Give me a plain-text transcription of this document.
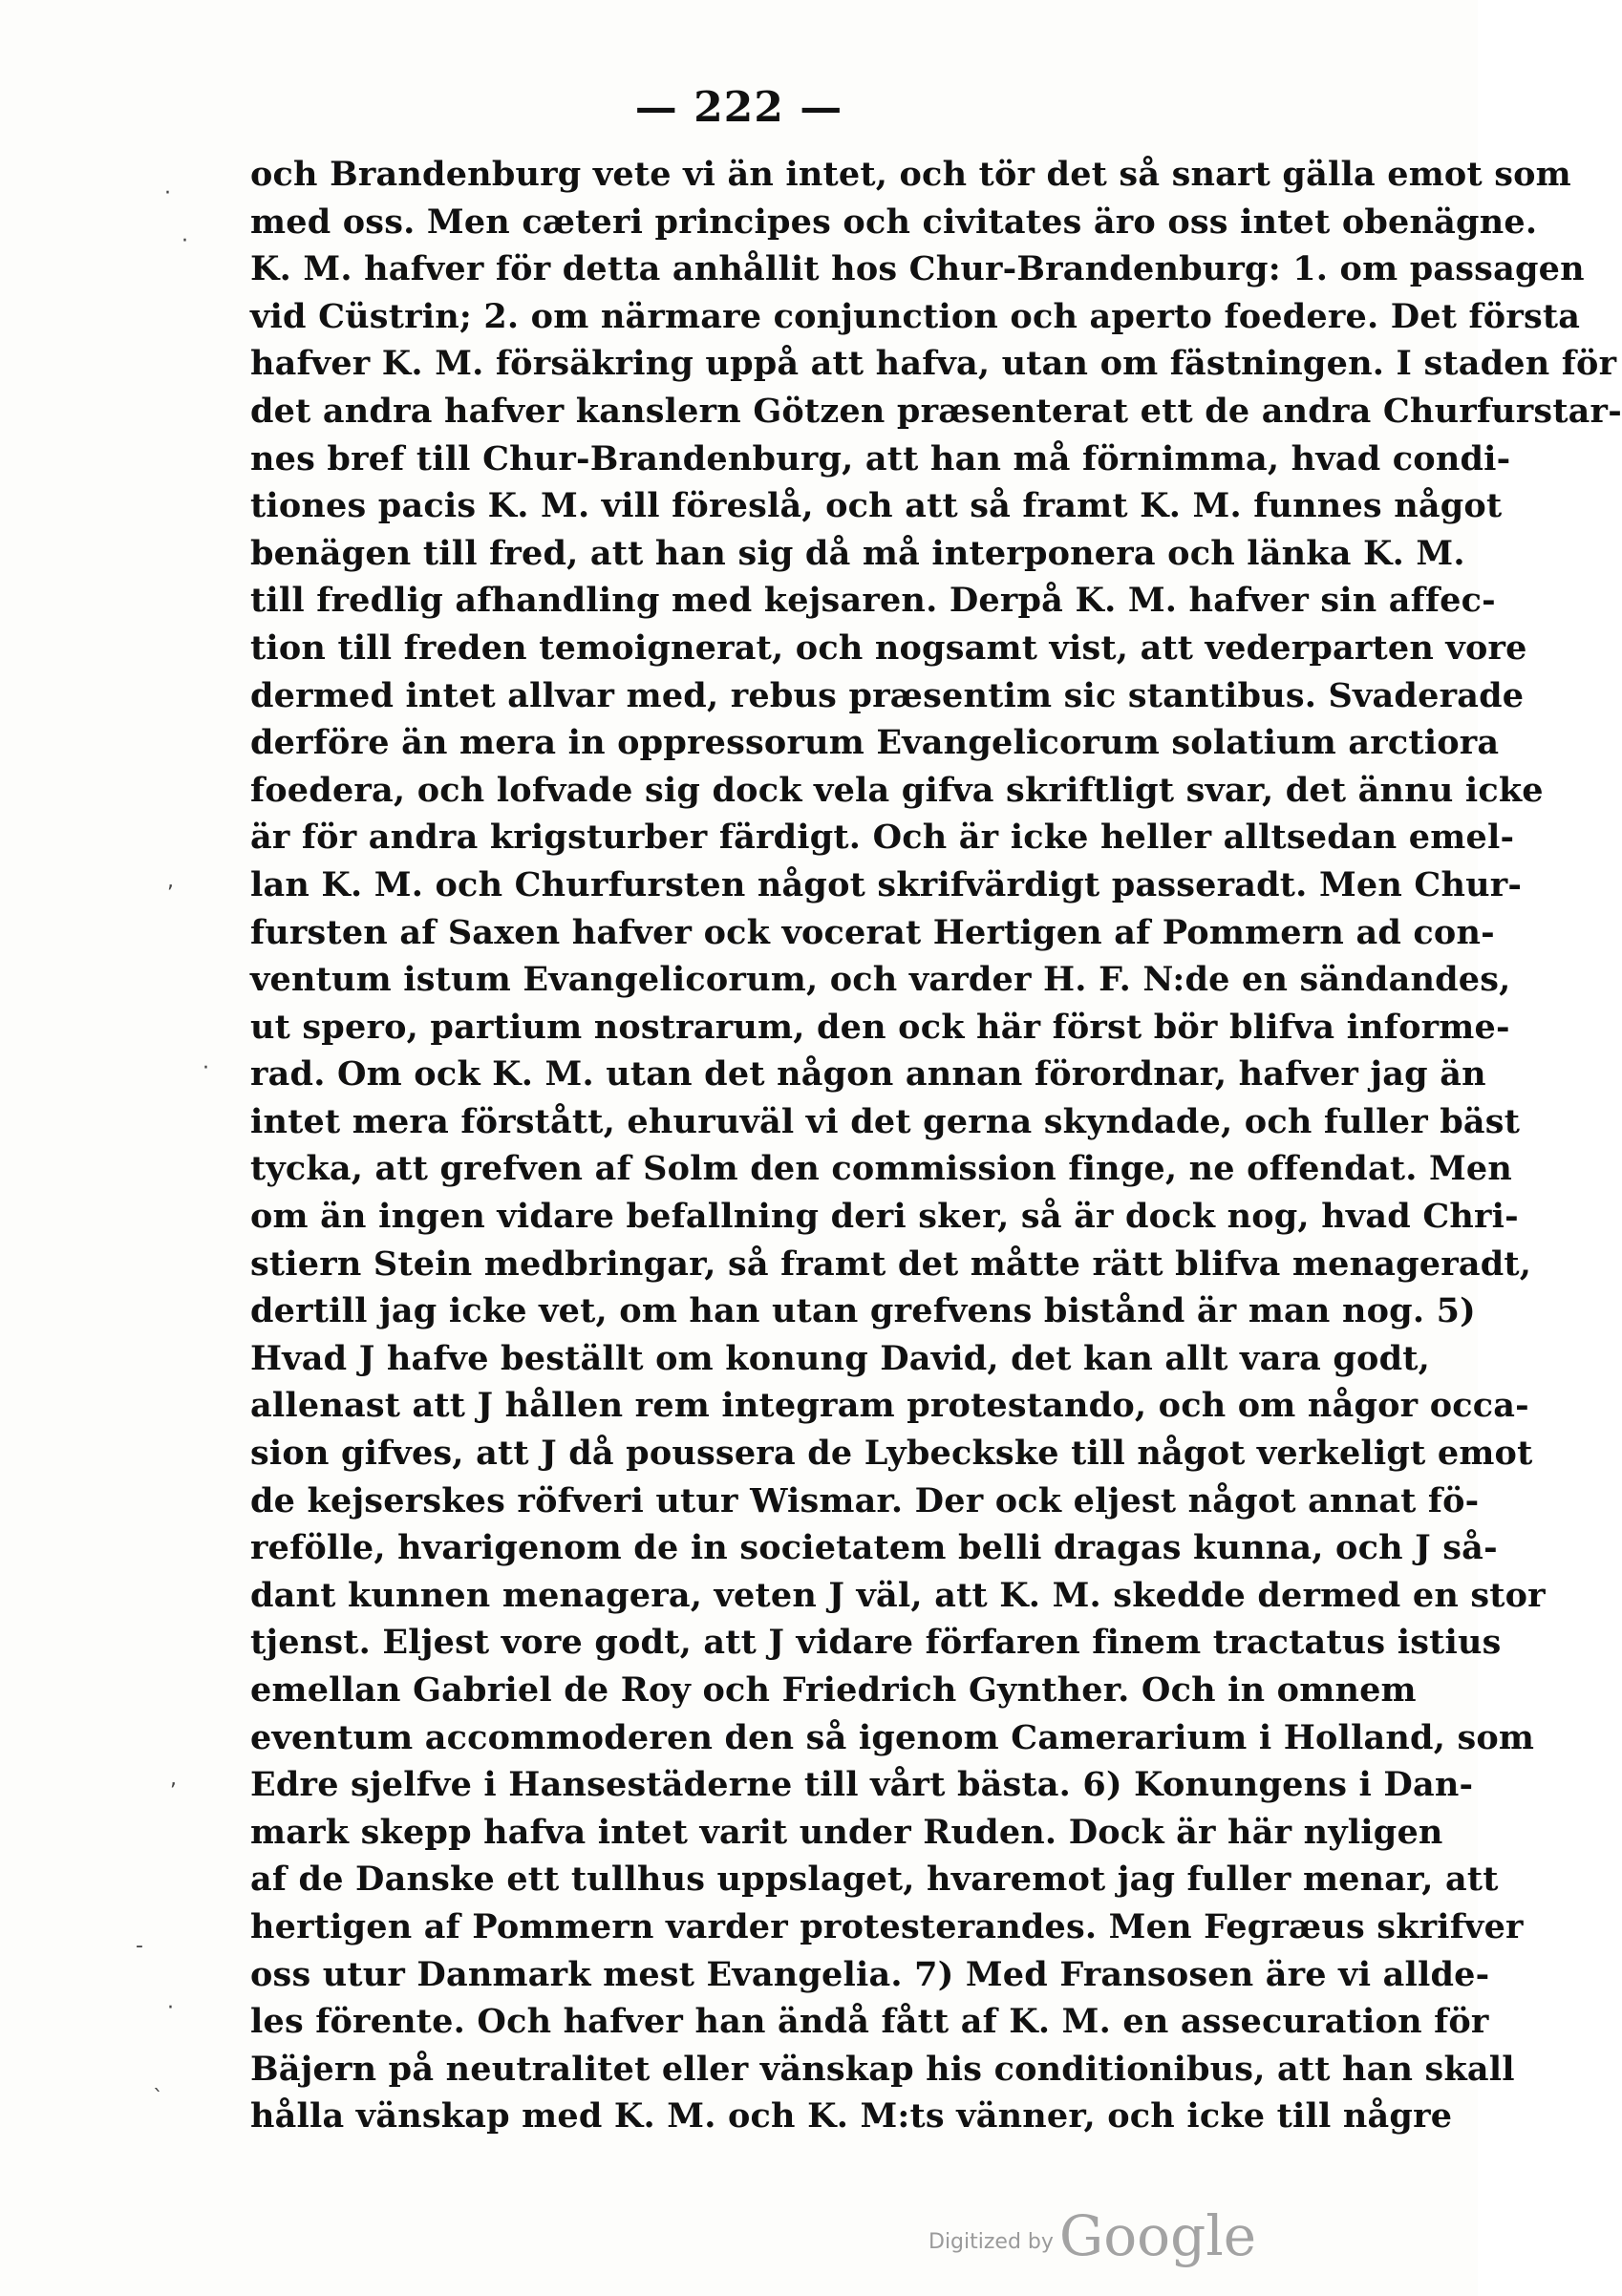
— 222 —
och Brandenburg vete vi än intet, och tör det så snart gälla emot som
med oss. Men cæteri principes och civitates äro oss intet obenägne.
K. M. hafver för detta anhållit hos Chur-Brandenburg: 1. om passagen
vid Cüstrin; 2. om närmare conjunction och aperto foedere. Det första
hafver K. M. försäkring uppå att hafva, utan om fästningen. I staden för
det andra hafver kanslern Götzen præsenterat ett de andra Churfurstar-
nes bref till Chur-Brandenburg, att han må förnimma, hvad condi-
tiones pacis K. M. vill föreslå, och att så framt K. M. funnes något
benägen till fred, att han sig då må interponera och länka K. M.
till fredlig afhandling med kejsaren. Derpå K. M. hafver sin affec-
tion till freden temoignerat, och nogsamt vist, att vederparten vore
dermed intet allvar med, rebus præsentim sic stantibus. Svaderade
derföre än mera in oppressorum Evangelicorum solatium arctiora
foedera, och lofvade sig dock vela gifva skriftligt svar, det ännu icke
är för andra krigsturber färdigt. Och är icke heller alltsedan emel-
lan K. M. och Churfursten något skrifvärdigt passeradt. Men Chur-
fursten af Saxen hafver ock vocerat Hertigen af Pommern ad con-
ventum istum Evangelicorum, och varder H. F. N:de en sändandes,
ut spero, partium nostrarum, den ock här först bör blifva informe-
rad. Om ock K. M. utan det någon annan förordnar, hafver jag än
intet mera förstått, ehuruväl vi det gerna skyndade, och fuller bäst
tycka, att grefven af Solm den commission finge, ne offendat. Men
om än ingen vidare befallning deri sker, så är dock nog, hvad Chri-
stiern Stein medbringar, så framt det måtte rätt blifva menageradt,
dertill jag icke vet, om han utan grefvens bistånd är man nog. 5)
Hvad J hafve beställt om konung David, det kan allt vara godt,
allenast att J hållen rem integram protestando, och om någor occa-
sion gifves, att J då poussera de Lybeckske till något verkeligt emot
de kejserskes röfveri utur Wismar. Der ock eljest något annat fö-
reföllе, hvarigenom de in societatem belli dragas kunna, och J så-
dant kunnen menagera, veten J väl, att K. M. skedde dermed en stor
tjenst. Eljest vore godt, att J vidare förfaren finem tractatus istius
emellan Gabriel de Roy och Friedrich Gynther. Och in omnem
eventum accommoderen den så igenom Camerarium i Holland, som
Edre sjelfve i Hansestäderne till vårt bästa. 6) Konungens i Dan-
mark skepp hafva intet varit under Ruden. Dock är här nyligen
af de Danske ett tullhus uppslaget, hvaremot jag fuller menar, att
hertigen af Pommern varder protesterandes. Men Fegræus skrifver
oss utur Danmark mest Evangelia. 7) Med Fransosen äre vi allde-
les förente. Och hafver han ändå fått af K. M. en assecuration för
Bäjern på neutralitet eller vänskap his conditionibus, att han skall
hålla vänskap med K. M. och K. M:ts vänner, och icke till någre
·
·
,
·
,
‐
·
`
Digitized by Google
